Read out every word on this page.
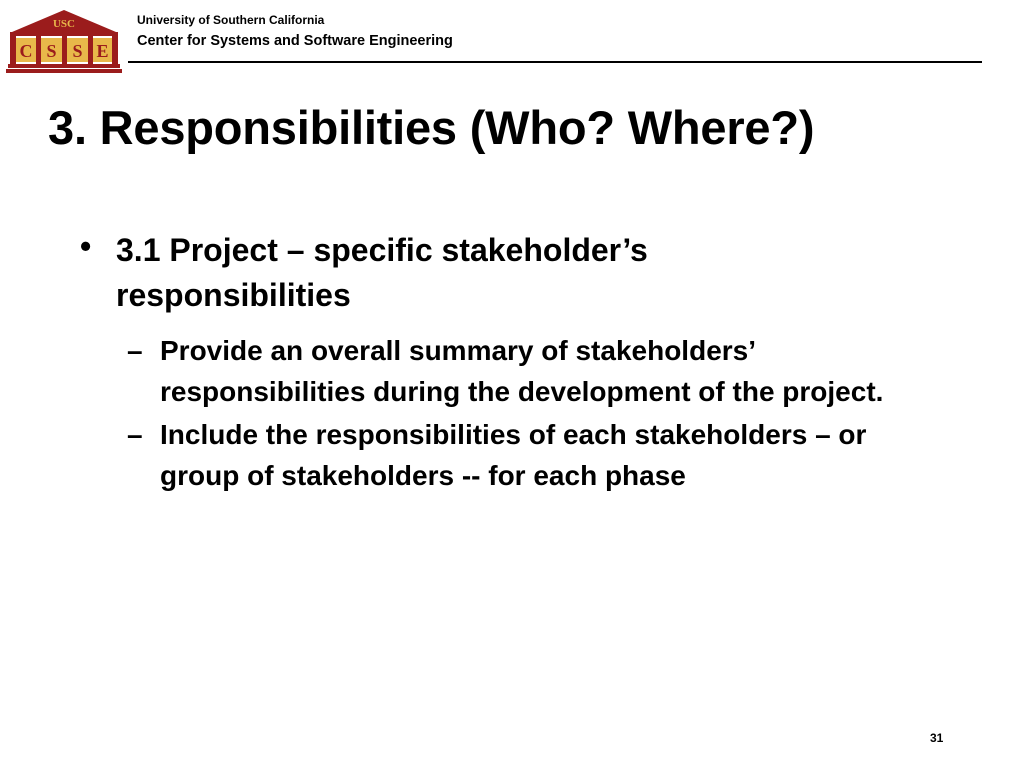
USC
C S S E
University of Southern California
Center for Systems and Software Engineering
3. Responsibilities (Who? Where?)
• 3.1 Project – specific stakeholder’s responsibilities
– Provide an overall summary of stakeholders’ responsibilities during the development of the project.
– Include the responsibilities of each stakeholders – or group of stakeholders -- for each phase
31
